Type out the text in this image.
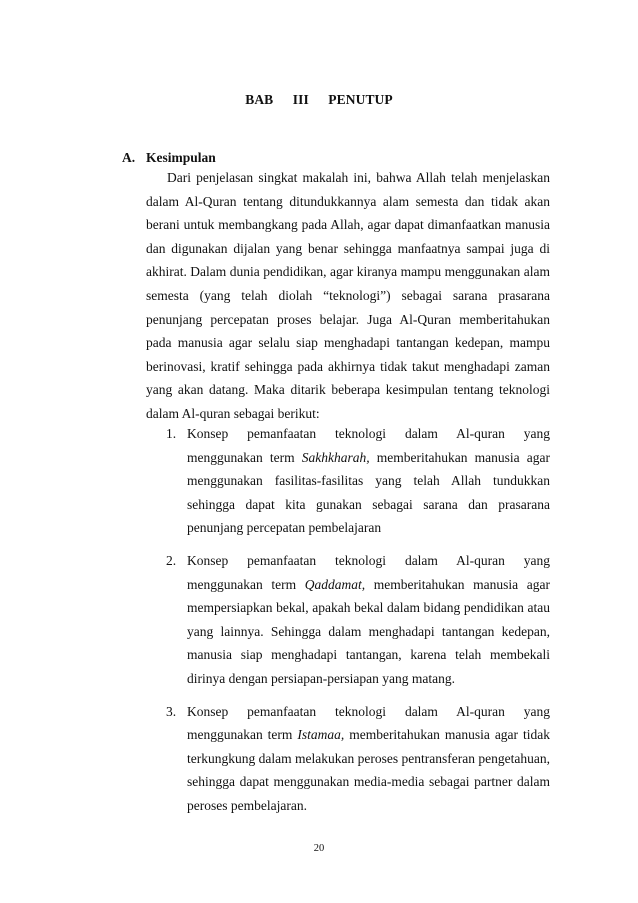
BAB III PENUTUP
A. Kesimpulan

Dari penjelasan singkat makalah ini, bahwa Allah telah menjelaskan dalam Al-Quran tentang ditundukkannya alam semesta dan tidak akan berani untuk membangkang pada Allah, agar dapat dimanfaatkan manusia dan digunakan dijalan yang benar sehingga manfaatnya sampai juga di akhirat. Dalam dunia pendidikan, agar kiranya mampu menggunakan alam semesta (yang telah diolah “teknologi”) sebagai sarana prasarana penunjang percepatan proses belajar. Juga Al-Quran memberitahukan pada manusia agar selalu siap menghadapi tantangan kedepan, mampu berinovasi, kratif sehingga pada akhirnya tidak takut menghadapi zaman yang akan datang. Maka ditarik beberapa kesimpulan tentang teknologi dalam Al-quran sebagai berikut:

1. Konsep pemanfaatan teknologi dalam Al-quran yang menggunakan term Sakhkharah, memberitahukan manusia agar menggunakan fasilitas-fasilitas yang telah Allah tundukkan sehingga dapat kita gunakan sebagai sarana dan prasarana penunjang percepatan pembelajaran
2. Konsep pemanfaatan teknologi dalam Al-quran yang menggunakan term Qaddamat, memberitahukan manusia agar mempersiapkan bekal, apakah bekal dalam bidang pendidikan atau yang lainnya. Sehingga dalam menghadapi tantangan kedepan, manusia siap menghadapi tantangan, karena telah membekali dirinya dengan persiapan-persiapan yang matang.
3. Konsep pemanfaatan teknologi dalam Al-quran yang menggunakan term Istamaa, memberitahukan manusia agar tidak terkungkung dalam melakukan peroses pentransferan pengetahuan, sehingga dapat menggunakan media-media sebagai partner dalam peroses pembelajaran.
20
